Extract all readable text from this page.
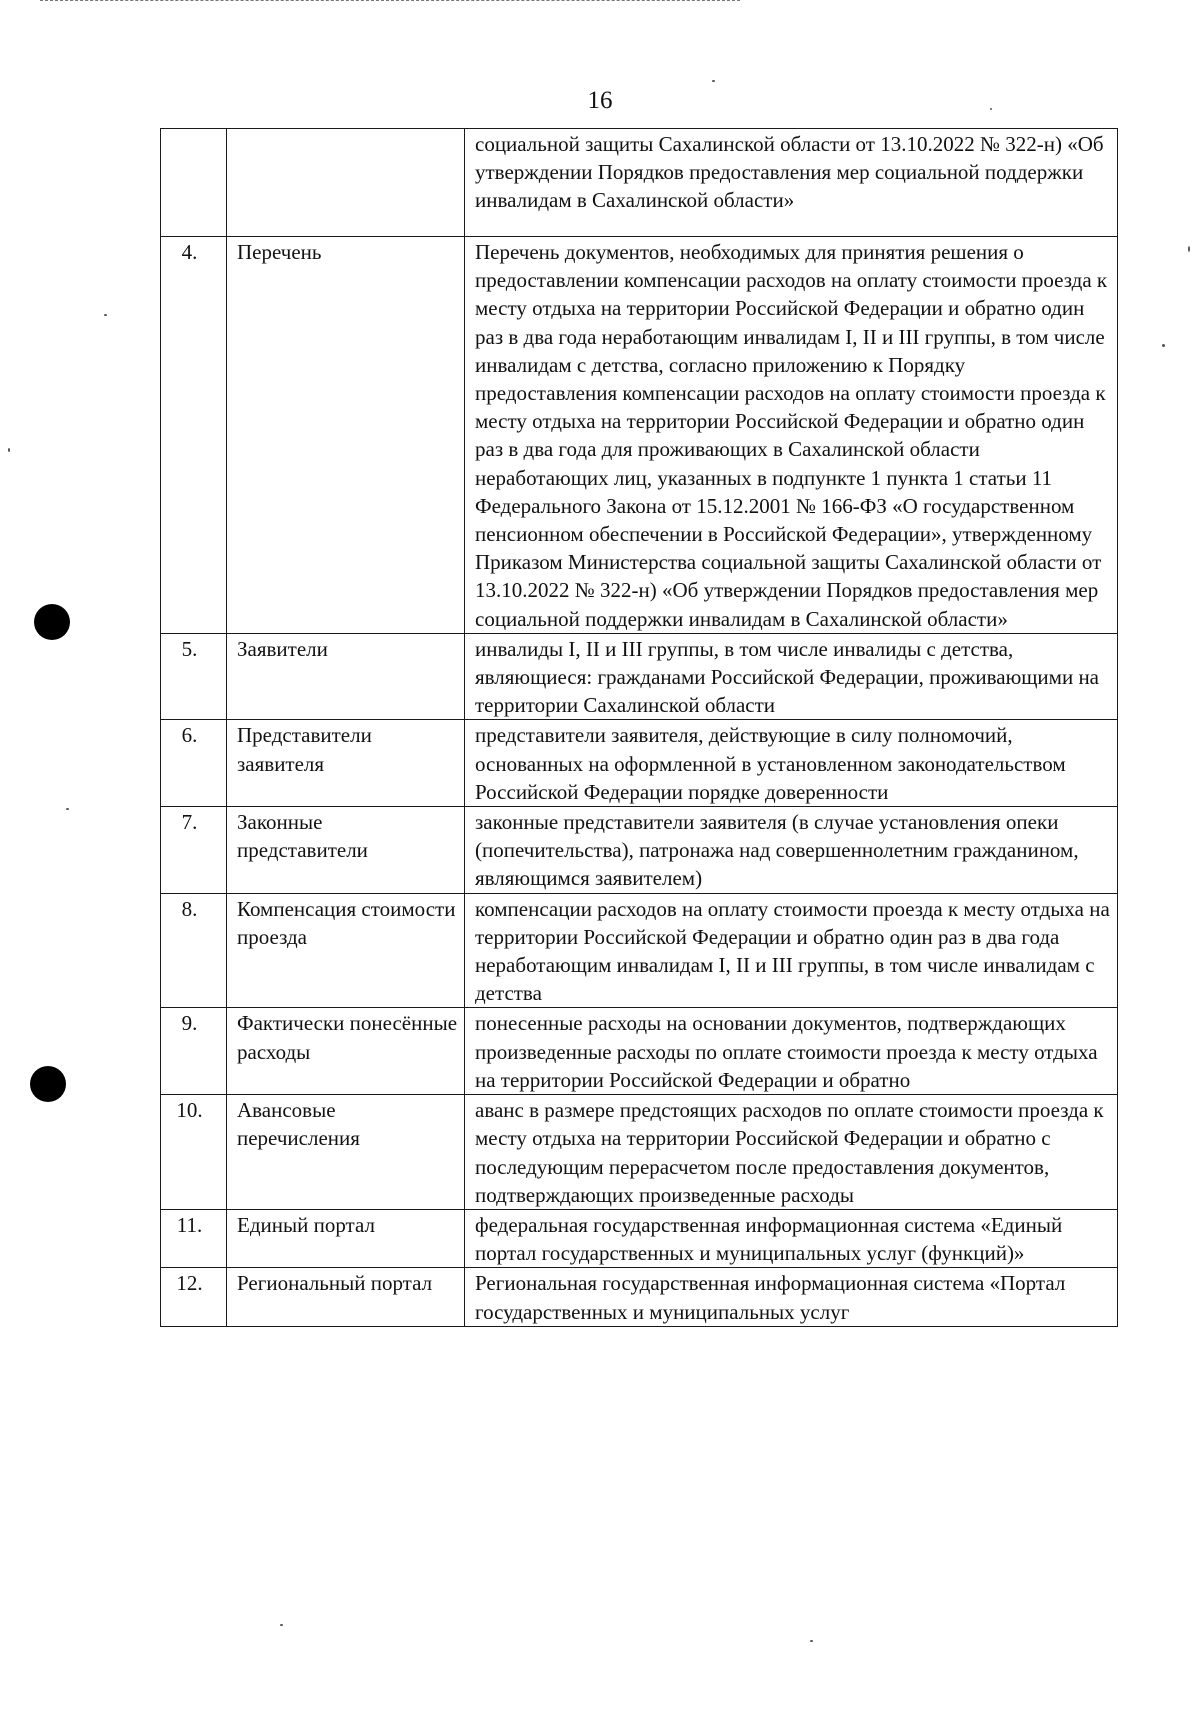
16
		социальной защиты Сахалинской области от 13.10.2022 № 322-н) «Об утверждении Порядков предоставления мер социальной поддержки инвалидам в Сахалинской области»
4.	Перечень	Перечень документов, необходимых для принятия решения о предоставлении компенсации расходов на оплату стоимости проезда к месту отдыха на территории Российской Федерации и обратно один раз в два года неработающим инвалидам I, II и III группы, в том числе инвалидам с детства, согласно приложению к Порядку предоставления компенсации расходов на оплату стоимости проезда к месту отдыха на территории Российской Федерации и обратно один раз в два года для проживающих в Сахалинской области неработающих лиц, указанных в подпункте 1 пункта 1 статьи 11 Федерального Закона от 15.12.2001 № 166-ФЗ «О государственном пенсионном обеспечении в Российской Федерации», утвержденному Приказом Министерства социальной защиты Сахалинской области от 13.10.2022 № 322-н) «Об утверждении Порядков предоставления мер социальной поддержки инвалидам в Сахалинской области»
5.	Заявители	инвалиды I, II и III группы, в том числе инвалиды с детства, являющиеся: гражданами Российской Федерации, проживающими на территории Сахалинской области
6.	Представители заявителя	представители заявителя, действующие в силу полномочий, основанных на оформленной в установленном законодательством Российской Федерации порядке доверенности
7.	Законные представители	законные представители заявителя (в случае установления опеки (попечительства), патронажа над совершеннолетним гражданином, являющимся заявителем)
8.	Компенсация стоимости проезда	компенсации расходов на оплату стоимости проезда к месту отдыха на территории Российской Федерации и обратно один раз в два года неработающим инвалидам I, II и III группы, в том числе инвалидам с детства
9.	Фактически понесённые расходы	понесенные расходы на основании документов, подтверждающих произведенные расходы по оплате стоимости проезда к месту отдыха на территории Российской Федерации и обратно
10.	Авансовые перечисления	аванс в размере предстоящих расходов по оплате стоимости проезда к месту отдыха на территории Российской Федерации и обратно с последующим перерасчетом после предоставления документов, подтверждающих произведенные расходы
11.	Единый портал	федеральная государственная информационная система «Единый портал государственных и муниципальных услуг (функций)»
12.	Региональный портал	Региональная государственная информационная система «Портал государственных и муниципальных услуг
